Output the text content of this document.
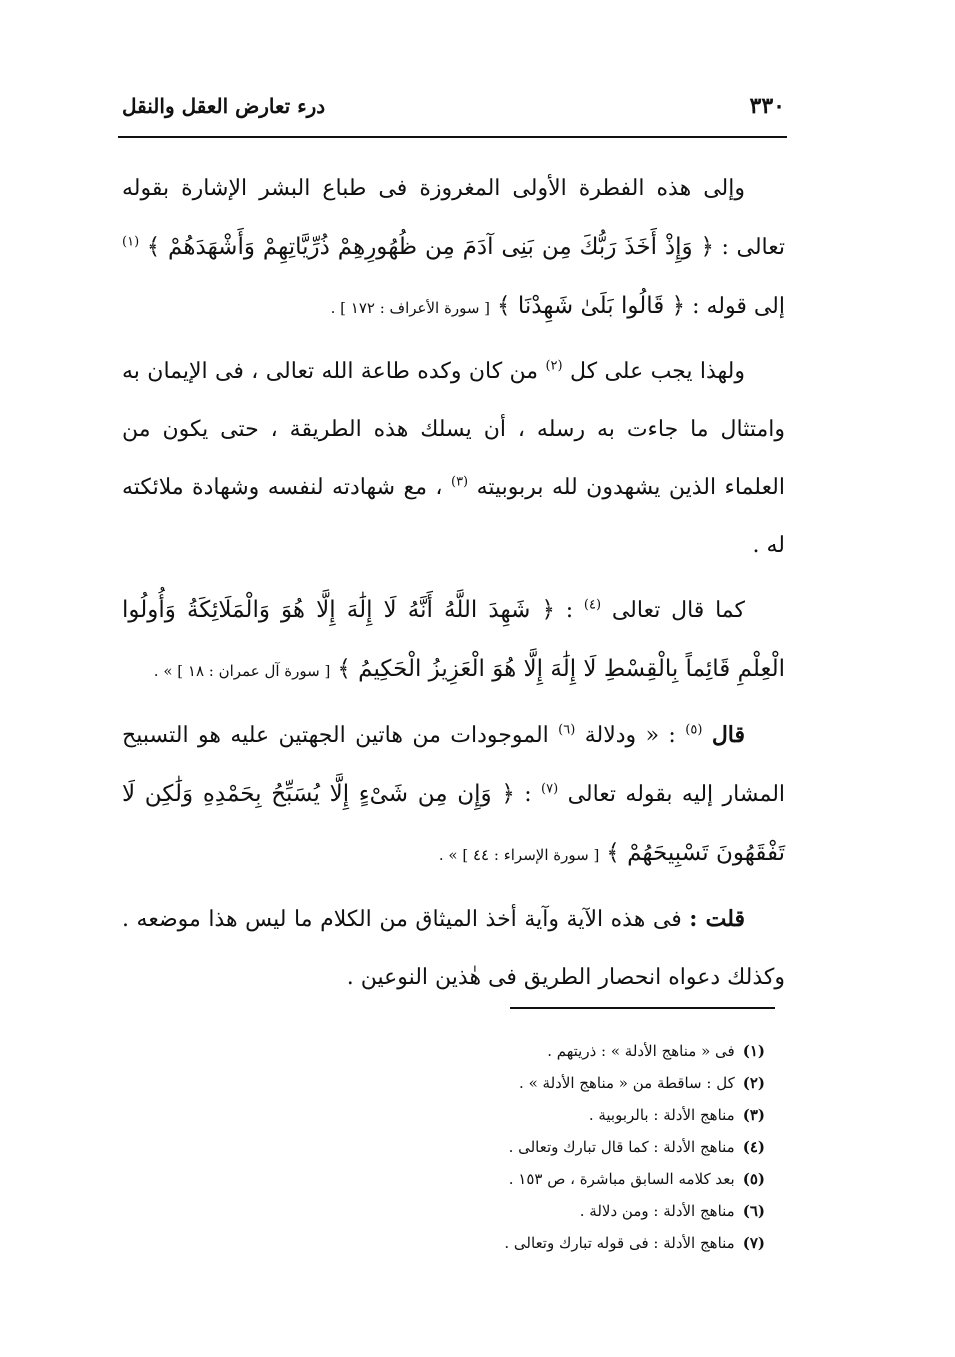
٣٣٠
درء تعارض العقل والنقل

وإلى هذه الفطرة الأولى المغروزة فى طباع البشر الإشارة بقوله تعالى : ﴿ وَإِذْ أَخَذَ رَبُّكَ مِن بَنِى آدَمَ مِن ظُهُورِهِمْ ذُرِّيَّاتِهِمْ وَأَشْهَدَهُمْ ﴾ $^{(١)}$ إلى قوله : ﴿ قَالُوا بَلَىٰ شَهِدْنَا ﴾ [ سورة الأعراف : ١٧٢ ] .

ولهذا يجب على كل $^{(٢)}$ من كان وكده طاعة الله تعالى ، فى الإيمان به وامتثال ما جاءت به رسله ، أن يسلك هذه الطريقة ، حتى يكون من العلماء الذين يشهدون لله بربوبيته $^{(٣)}$ ، مع شهادته لنفسه وشهادة ملائكته له .

كما قال تعالى $^{(٤)}$ : ﴿ شَهِدَ اللَّهُ أَنَّهُ لَا إِلَٰهَ إِلَّا هُوَ وَالْمَلَائِكَةُ وَأُولُوا الْعِلْمِ قَائِماً بِالْقِسْطِ لَا إِلَٰهَ إِلَّا هُوَ الْعَزِيزُ الْحَكِيمُ ﴾ [ سورة آل عمران : ١٨ ] » .

قال $^{(٥)}$ : « ودلالة $^{(٦)}$ الموجودات من هاتين الجهتين عليه هو التسبيح المشار إليه بقوله تعالى $^{(٧)}$ : ﴿ وَإِن مِن شَىْءٍ إِلَّا يُسَبِّحُ بِحَمْدِهِ وَلَٰكِن لَا تَفْقَهُونَ تَسْبِيحَهُمْ ﴾ [ سورة الإسراء : ٤٤ ] » .

قلت : فى هذه الآية وآية أخذ الميثاق من الكلام ما ليس هذا موضعه . وكذلك دعواه انحصار الطريق فى هٰذين النوعين .

(١)فى « مناهج الأدلة » : ذريتهم .
(٢)كل : ساقطة من « مناهج الأدلة » .
(٣)مناهج الأدلة : بالربوبية .
(٤)مناهج الأدلة : كما قال تبارك وتعالى .
(٥)بعد كلامه السابق مباشرة ، ص ١٥٣ .
(٦)مناهج الأدلة : ومن دلالة .
(٧)مناهج الأدلة : فى قوله تبارك وتعالى .
